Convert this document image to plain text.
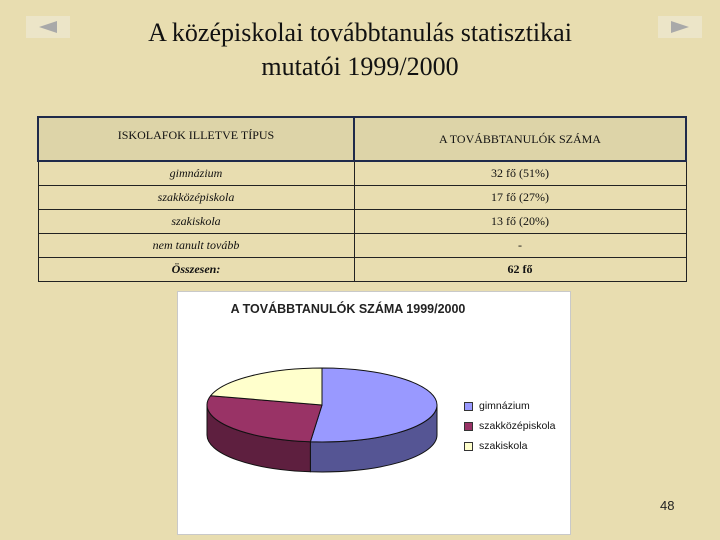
A középiskolai továbbtanulás statisztikai
mutatói 1999/2000
ISKOLAFOK ILLETVE TÍPUS	A TOVÁBBTANULÓK SZÁMA
gimnázium	32 fő (51%)
szakközépiskola	17 fő (27%)
szakiskola	13 fő (20%)
nem tanult tovább	-
Összesen:	62 fő
A TOVÁBBTANULÓK SZÁMA 1999/2000
gimnázium
szakközépiskola
szakiskola
48
